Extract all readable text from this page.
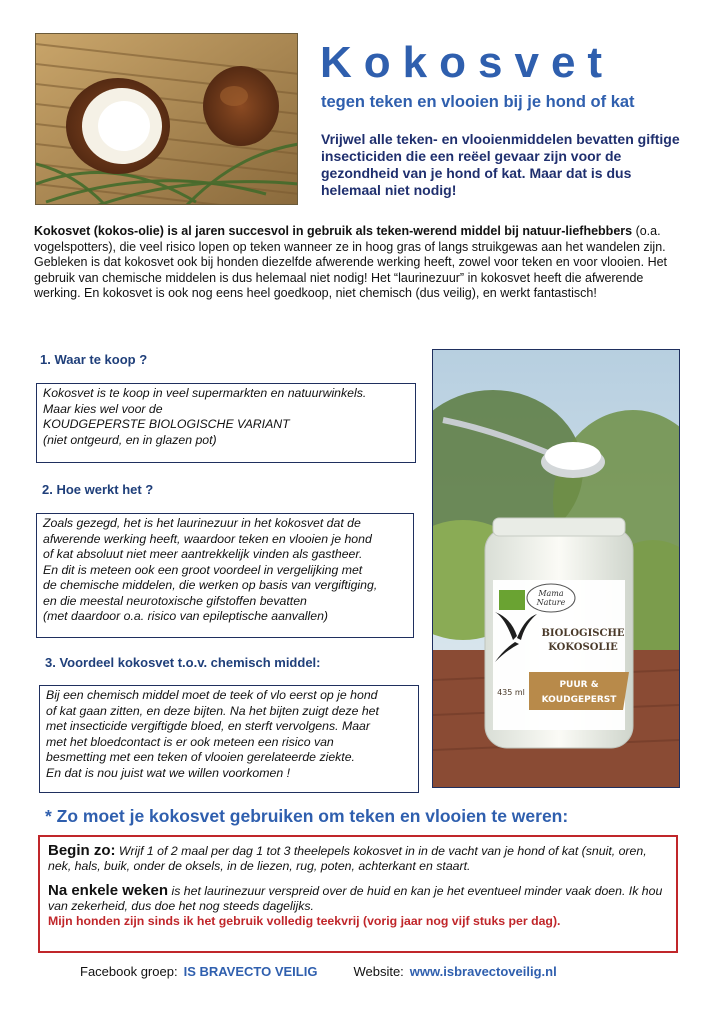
Kokosvet
tegen teken en vlooien bij je hond of kat
Vrijwel alle teken- en vlooienmiddelen bevatten giftige insecticiden die een reëel gevaar zijn voor de gezondheid van je hond of kat. Maar dat is dus helemaal niet nodig!
Kokosvet (kokos-olie) is al jaren succesvol in gebruik als teken-werend middel bij natuur-liefhebbers (o.a. vogelspotters), die veel risico lopen op teken wanneer ze in hoog gras of langs struikgewas aan het wandelen zijn. Gebleken is dat kokosvet ook bij honden diezelfde afwerende werking heeft, zowel voor teken en voor vlooien. Het gebruik van chemische middelen is dus helemaal niet nodig! Het “laurinezuur” in kokosvet heeft die afwerende werking. En kokosvet is ook nog eens heel goedkoop, niet chemisch (dus veilig), en werkt fantastisch!
1. Waar te koop ?
Kokosvet is te koop in veel supermarkten en natuurwinkels.
Maar kies wel voor de
KOUDGEPERSTE BIOLOGISCHE VARIANT
(niet ontgeurd, en in glazen pot)
2. Hoe werkt het ?
Zoals gezegd, het is het laurinezuur in het kokosvet dat de
afwerende werking heeft, waardoor teken en vlooien je hond
of kat absoluut niet meer aantrekkelijk vinden als gastheer.
En dit is meteen ook een groot voordeel in vergelijking met
de chemische middelen, die werken op basis van vergiftiging,
en die meestal neurotoxische gifstoffen bevatten
(met daardoor o.a. risico van epileptische aanvallen)
3. Voordeel kokosvet t.o.v. chemisch middel:
Bij een chemisch middel moet de teek of vlo eerst op je hond
of kat gaan zitten, en deze bijten. Na het bijten zuigt deze het
met insecticide vergiftigde bloed, en sterft vervolgens. Maar
met het bloedcontact is er ook meteen een risico van
besmetting met een teken of vlooien gerelateerde ziekte.
En dat is nou juist wat we willen voorkomen !
Mama
Nature
BIOLOGISCHE
KOKOSOLIE
PUUR &
KOUDGEPERST
435 ml
* Zo moet je kokosvet gebruiken om teken en vlooien te weren:
Begin zo: Wrijf 1 of 2 maal per dag 1 tot 3 theelepels kokosvet in in de vacht van je hond of kat (snuit, oren, nek, hals, buik, onder de oksels, in de liezen, rug, poten, achterkant en staart.
Na enkele weken is het laurinezuur verspreid over de huid en kan je het eventueel minder vaak doen. Ik hou van zekerheid, dus doe het nog steeds dagelijks.
Mijn honden zijn sinds ik het gebruik volledig teekvrij (vorig jaar nog vijf stuks per dag).
Facebook groep: IS BRAVECTO VEILIG	Website: www.isbravectoveilig.nl
